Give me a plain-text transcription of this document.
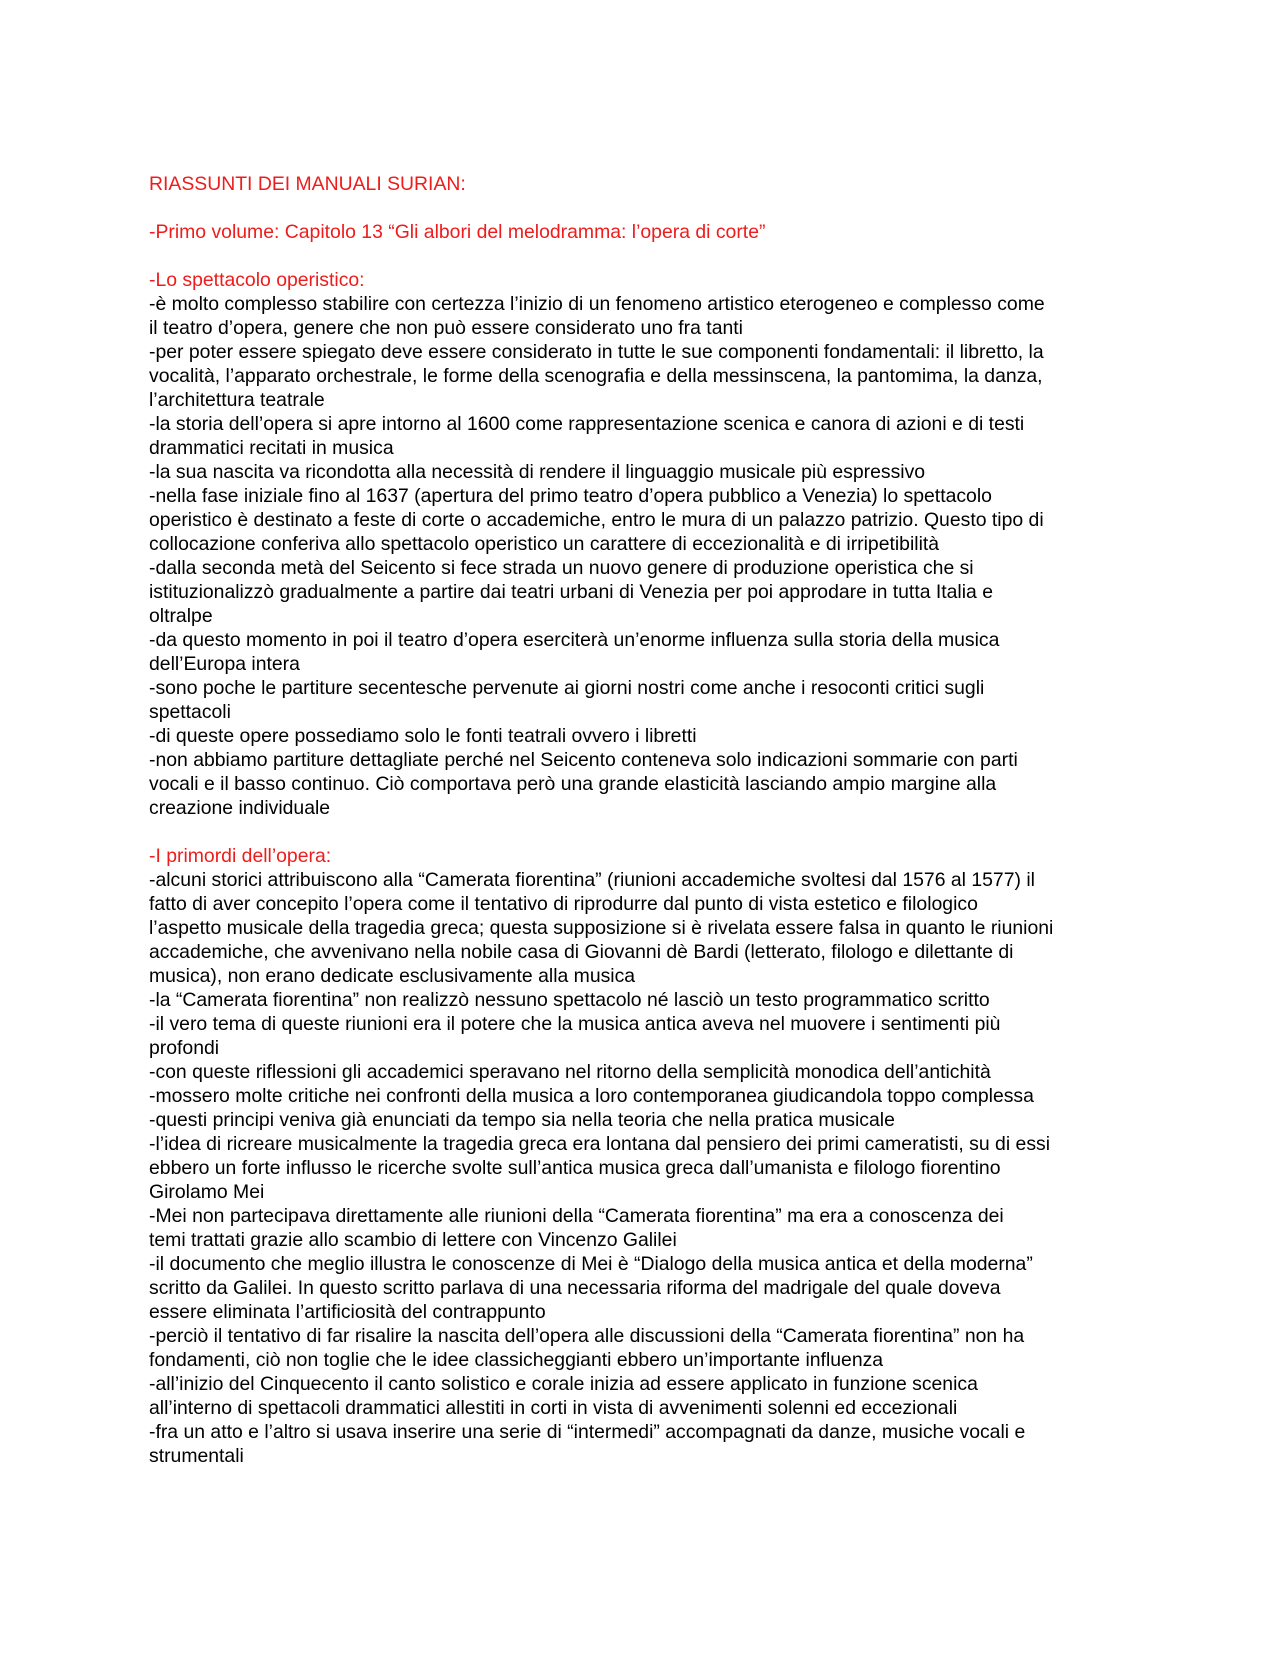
RIASSUNTI DEI MANUALI SURIAN:
-Primo volume: Capitolo 13 “Gli albori del melodramma: l’opera di corte”
-Lo spettacolo operistico:
-è molto complesso stabilire con certezza l’inizio di un fenomeno artistico eterogeneo e complesso come
il teatro d’opera, genere che non può essere considerato uno fra tanti
-per poter essere spiegato deve essere considerato in tutte le sue componenti fondamentali: il libretto, la
vocalità, l’apparato orchestrale, le forme della scenografia e della messinscena, la pantomima, la danza,
l’architettura teatrale
-la storia dell’opera si apre intorno al 1600 come rappresentazione scenica e canora di azioni e di testi
drammatici recitati in musica
-la sua nascita va ricondotta alla necessità di rendere il linguaggio musicale più espressivo
-nella fase iniziale fino al 1637 (apertura del primo teatro d’opera pubblico a Venezia) lo spettacolo
operistico è destinato a feste di corte o accademiche, entro le mura di un palazzo patrizio. Questo tipo di
collocazione conferiva allo spettacolo operistico un carattere di eccezionalità e di irripetibilità
-dalla seconda metà del Seicento si fece strada un nuovo genere di produzione operistica che si
istituzionalizzò gradualmente a partire dai teatri urbani di Venezia per poi approdare in tutta Italia e
oltralpe
-da questo momento in poi il teatro d’opera eserciterà un’enorme influenza sulla storia della musica
dell’Europa intera
-sono poche le partiture secentesche pervenute ai giorni nostri come anche i resoconti critici sugli
spettacoli
-di queste opere possediamo solo le fonti teatrali ovvero i libretti
-non abbiamo partiture dettagliate perché nel Seicento conteneva solo indicazioni sommarie con parti
vocali e il basso continuo. Ciò comportava però una grande elasticità lasciando ampio margine alla
creazione individuale
-I primordi dell’opera:
-alcuni storici attribuiscono alla “Camerata fiorentina” (riunioni accademiche svoltesi dal 1576 al 1577) il
fatto di aver concepito l’opera come il tentativo di riprodurre dal punto di vista estetico e filologico
l’aspetto musicale della tragedia greca; questa supposizione si è rivelata essere falsa in quanto le riunioni
accademiche, che avvenivano nella nobile casa di Giovanni dè Bardi (letterato, filologo e dilettante di
musica), non erano dedicate esclusivamente alla musica
-la “Camerata fiorentina” non realizzò nessuno spettacolo né lasciò un testo programmatico scritto
-il vero tema di queste riunioni era il potere che la musica antica aveva nel muovere i sentimenti più
profondi
-con queste riflessioni gli accademici speravano nel ritorno della semplicità monodica dell’antichità
-mossero molte critiche nei confronti della musica a loro contemporanea giudicandola toppo complessa
-questi principi veniva già enunciati da tempo sia nella teoria che nella pratica musicale
-l’idea di ricreare musicalmente la tragedia greca era lontana dal pensiero dei primi cameratisti, su di essi
ebbero un forte influsso le ricerche svolte sull’antica musica greca dall’umanista e filologo fiorentino
Girolamo Mei
-Mei non partecipava direttamente alle riunioni della “Camerata fiorentina” ma era a conoscenza dei
temi trattati grazie allo scambio di lettere con Vincenzo Galilei
-il documento che meglio illustra le conoscenze di Mei è “Dialogo della musica antica et della moderna”
scritto da Galilei. In questo scritto parlava di una necessaria riforma del madrigale del quale doveva
essere eliminata l’artificiosità del contrappunto
-perciò il tentativo di far risalire la nascita dell’opera alle discussioni della “Camerata fiorentina” non ha
fondamenti, ciò non toglie che le idee classicheggianti ebbero un’importante influenza
-all’inizio del Cinquecento il canto solistico e corale inizia ad essere applicato in funzione scenica
all’interno di spettacoli drammatici allestiti in corti in vista di avvenimenti solenni ed eccezionali
-fra un atto e l’altro si usava inserire una serie di “intermedi” accompagnati da danze, musiche vocali e
strumentali
